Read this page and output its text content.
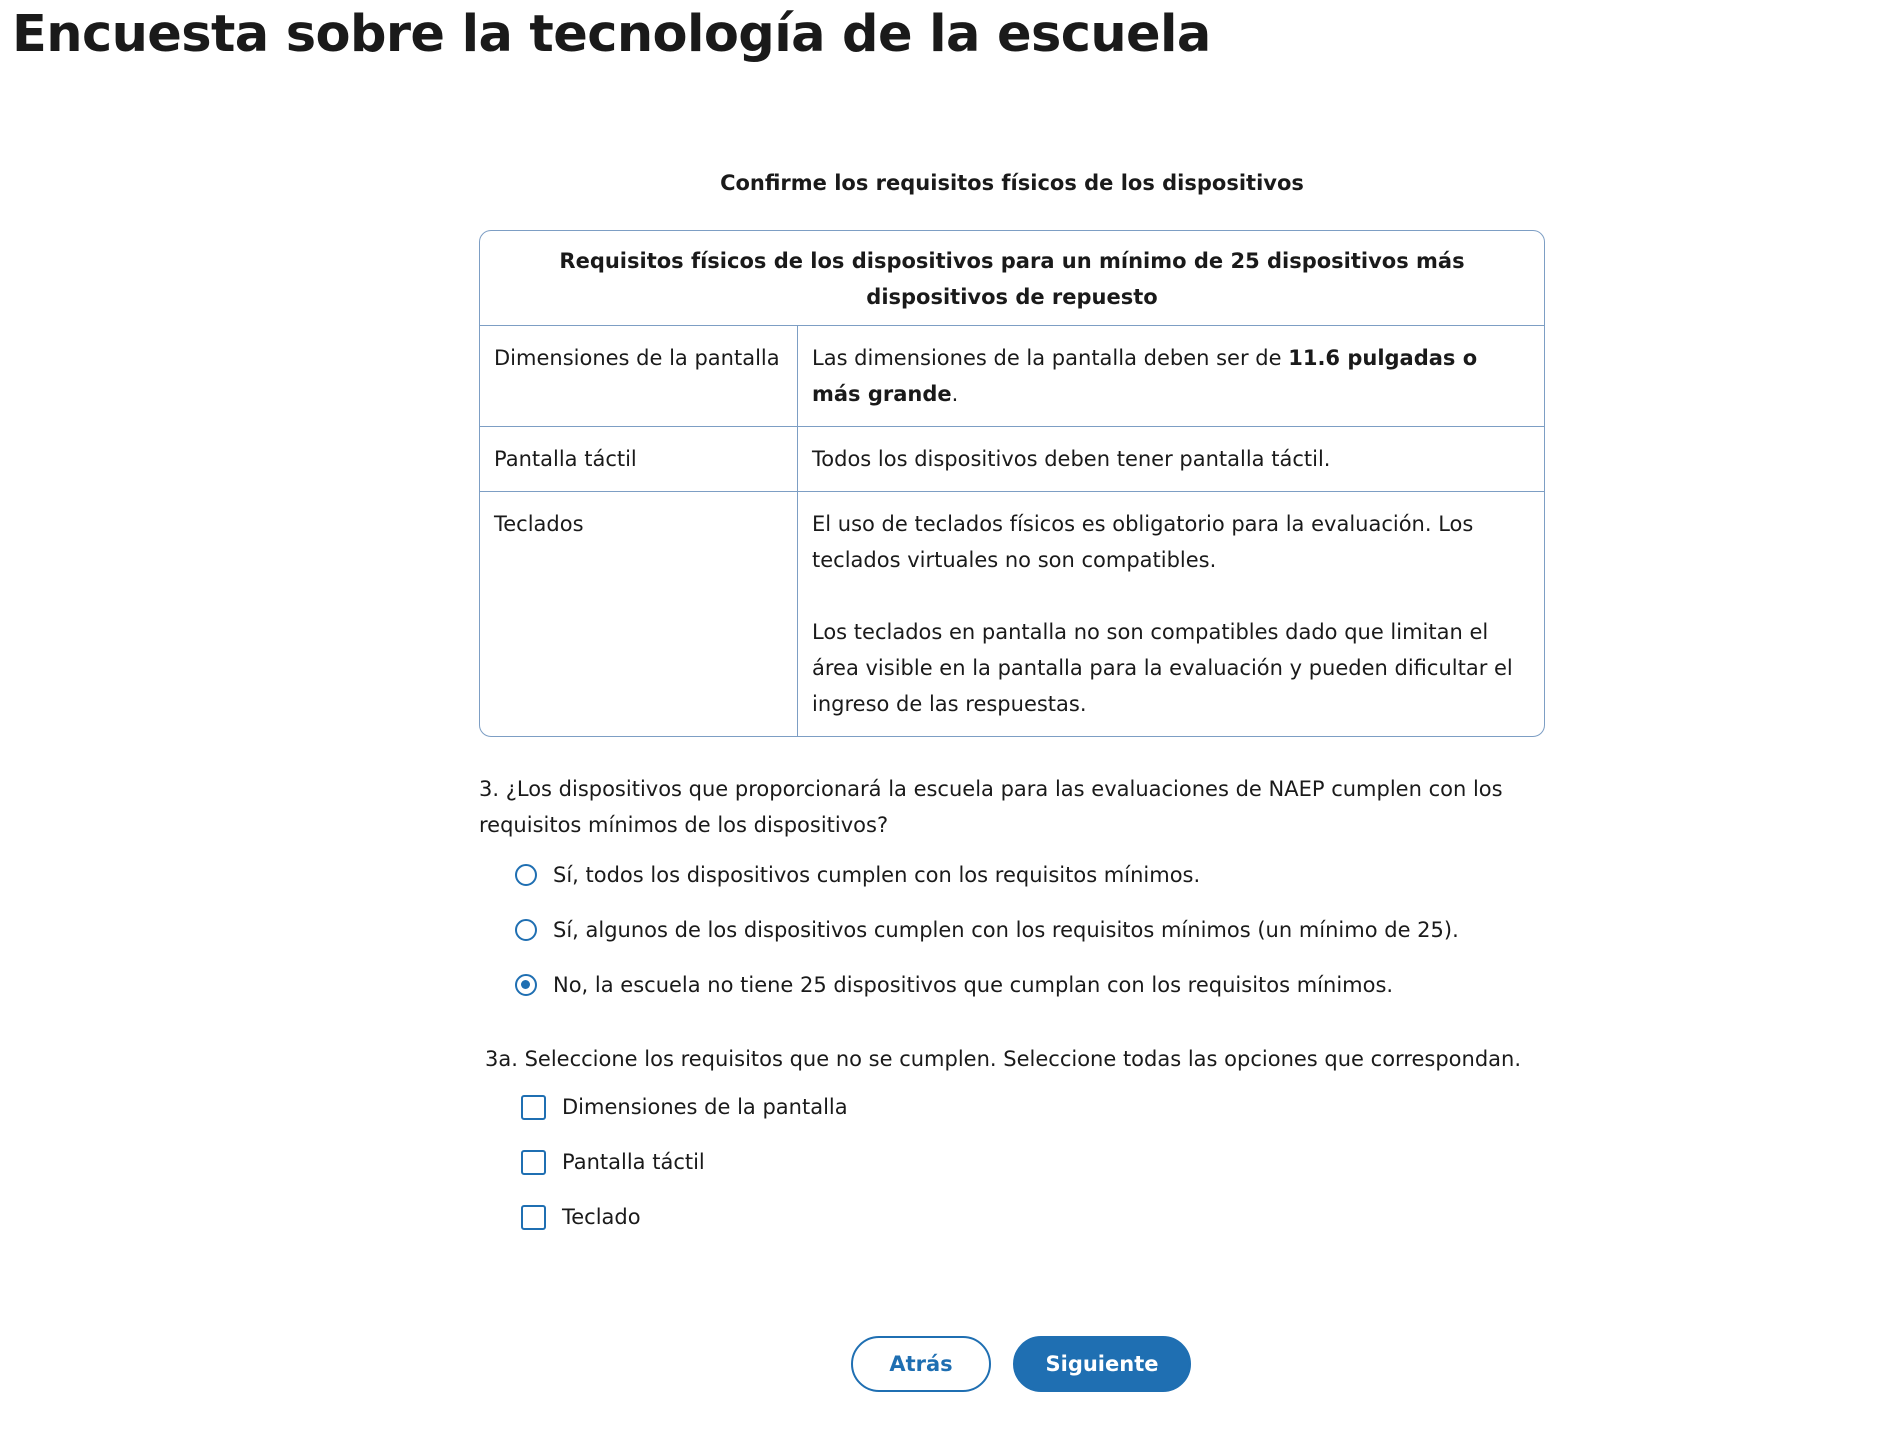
Encuesta sobre la tecnología de la escuela
Confirme los requisitos físicos de los dispositivos
Requisitos físicos de los dispositivos para un mínimo de 25 dispositivos más dispositivos de repuesto
Dimensiones de la pantalla	Las dimensiones de la pantalla deben ser de 11.6 pulgadas o más grande.
Pantalla táctil	Todos los dispositivos deben tener pantalla táctil.
Teclados	El uso de teclados físicos es obligatorio para la evaluación. Los teclados virtuales no son compatibles.

Los teclados en pantalla no son compatibles dado que limitan el área visible en la pantalla para la evaluación y pueden dificultar el ingreso de las respuestas.

3. ¿Los dispositivos que proporcionará la escuela para las evaluaciones de NAEP cumplen con los requisitos mínimos de los dispositivos?
Sí, todos los dispositivos cumplen con los requisitos mínimos.
Sí, algunos de los dispositivos cumplen con los requisitos mínimos (un mínimo de 25).
No, la escuela no tiene 25 dispositivos que cumplan con los requisitos mínimos.
3a. Seleccione los requisitos que no se cumplen. Seleccione todas las opciones que correspondan.
Dimensiones de la pantalla
Pantalla táctil
Teclado
Atrás	Siguiente
